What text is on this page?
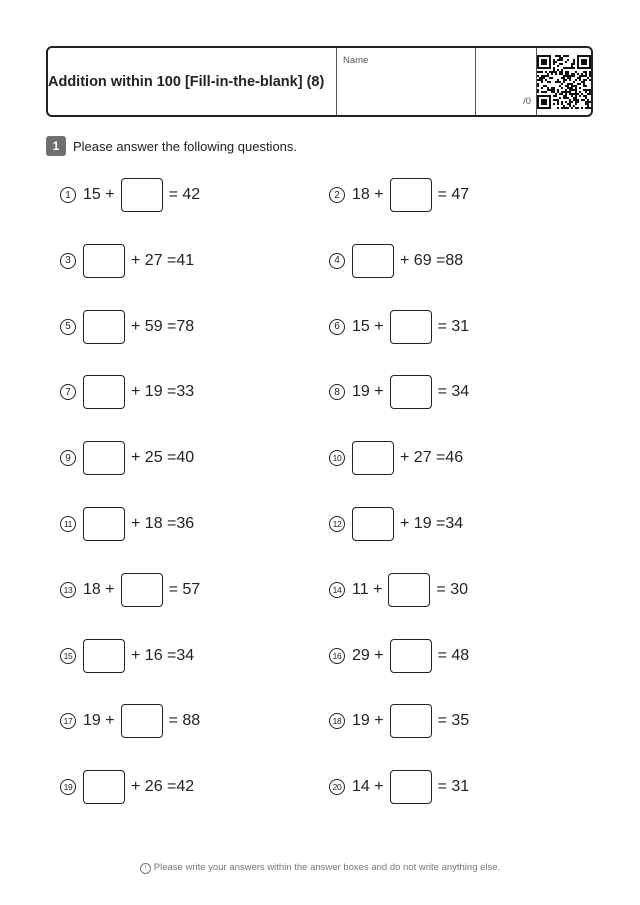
Addition within 100 [Fill-in-the-blank] (8)
Name
/0
1	Please answer the following questions.
1 15 +	= 42	2 18 +	= 47
3	+ 27 = 41	4	+ 69 = 88
5	+ 59 = 78	6 15 +	= 31
7	+ 19 = 33	8 19 +	= 34
9	+ 25 = 40	10	+ 27 = 46
11	+ 18 = 36	12	+ 19 = 34
13 18 +	= 57	14 11 +	= 30
15	+ 16 = 34	16 29 +	= 48
17 19 +	= 88	18 19 +	= 35
19	+ 26 = 42	20 14 +	= 31
! Please write your answers within the answer boxes and do not write anything else.
